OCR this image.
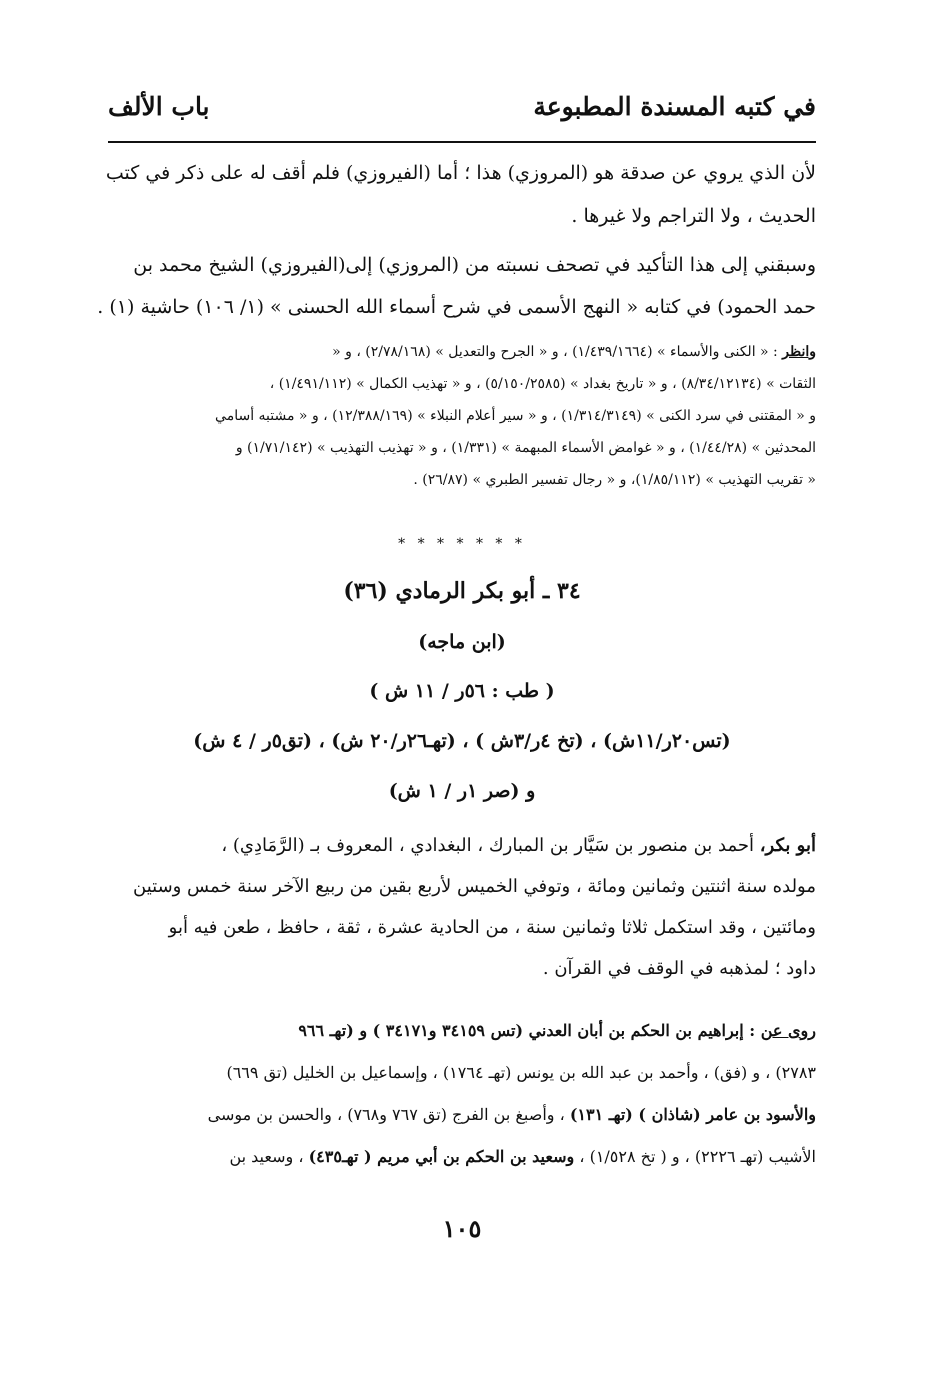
في كتبه المسندة المطبوعة
باب الألف
لأن الذي يروي عن صدقة هو (المروزي) هذا ؛ أما (الفيروزي) فلم أقف له على ذكر في كتب
الحديث ، ولا التراجم ولا غيرها .
وسبقني إلى هذا التأكيد في تصحف نسبته من (المروزي) إلى(الفيروزي) الشيخ محمد بن
حمد الحمود) في كتابه « النهج الأسمى في شرح أسماء الله الحسنى » (١/ ١٠٦) حاشية (١) .
وانظر : « الكنى والأسماء » (١/٤٣٩/١٦٦٤) ، و « الجرح والتعديل » (٢/٧٨/١٦٨) ، و «
الثقات » (٨/٣٤/١٢١٣٤) ، و « تاريخ بغداد » (٥/١٥٠/٢٥٨٥) ، و « تهذيب الكمال » (١/٤٩١/١١٢) ،
و « المقتنى في سرد الكنى » (١/٣١٤/٣١٤٩) ، و « سير أعلام النبلاء » (١٢/٣٨٨/١٦٩) ، و « مشتبه أسامي
المحدثين » (١/٤٤/٢٨) ، و « غوامض الأسماء المبهمة » (١/٣٣١) ، و « تهذيب التهذيب » (١/٧١/١٤٢) و
« تقريب التهذيب » (١/٨٥/١١٢)، و « رجال تفسير الطبري » (٢٦/٨٧) .
* * * * * * *
٣٤ ـ أبو بكر الرمادي (٣٦)
(ابن ماجه)
( طب : ٥٦ر / ١١ ش )
(تس٢٠ر/١١ش) ، (تخ ٤ر/٣ش ) ، (تهـ٢٦ر/٢٠ ش) ، (تق٥ر / ٤ ش)
و (صر ١ر / ١ ش)
أبو بكر، أحمد بن منصور بن سَيَّار بن المبارك ، البغدادي ، المعروف بـ (الرَّمَادِي) ،
مولده سنة اثنتين وثمانين ومائة ، وتوفي الخميس لأربع بقين من ربيع الآخر سنة خمس وستين
ومائتين ، وقد استكمل ثلاثا وثمانين سنة ، من الحادية عشرة ، ثقة ، حافظ ، طعن فيه أبو
داود ؛ لمذهبه في الوقف في القرآن .
روى عن : إبراهيم بن الحكم بن أبان العدني (تس ٣٤١٥٩ و٣٤١٧١ ) و (تهـ ٩٦٦
٢٧٨٣) ، و (فق) ، وأحمد بن عبد الله بن يونس (تهـ ١٧٦٤) ، وإسماعيل بن الخليل (تق ٦٦٩)
والأسود بن عامر (شاذان ) (تهـ ١٣١) ، وأصبغ بن الفرج (تق ٧٦٧ و٧٦٨) ، والحسن بن موسى
الأشيب (تهـ ٢٢٢٦) ، و ( تخ ١/٥٢٨) ، وسعيد بن الحكم بن أبي مريم ( تهـ٤٣٥) ، وسعيد بن
١٠٥
